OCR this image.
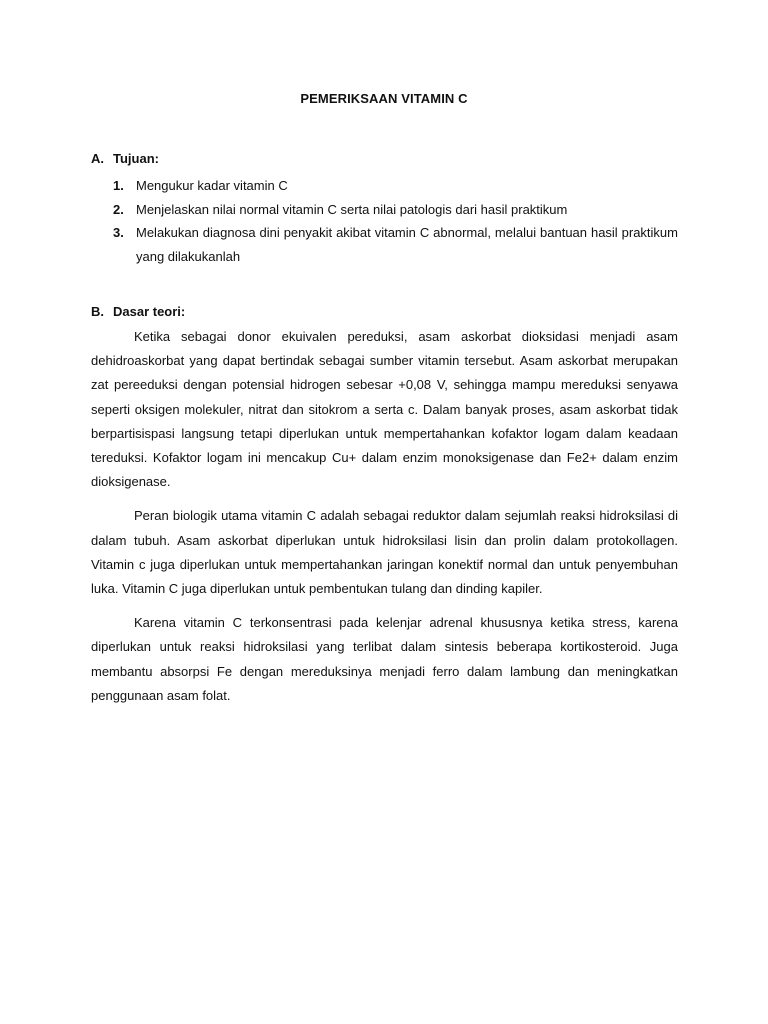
PEMERIKSAAN VITAMIN C
A. Tujuan:
1. Mengukur kadar vitamin C
2. Menjelaskan nilai normal vitamin C serta nilai patologis dari hasil praktikum
3. Melakukan diagnosa dini penyakit akibat vitamin C abnormal, melalui bantuan hasil praktikum yang dilakukanlah
B. Dasar teori:

Ketika sebagai donor ekuivalen pereduksi, asam askorbat dioksidasi menjadi asam dehidroaskorbat yang dapat bertindak sebagai sumber vitamin tersebut. Asam askorbat merupakan zat pereeduksi dengan potensial hidrogen sebesar +0,08 V, sehingga mampu mereduksi senyawa seperti oksigen molekuler, nitrat dan sitokrom a serta c. Dalam banyak proses, asam askorbat tidak berpartisispasi langsung tetapi diperlukan untuk mempertahankan kofaktor logam dalam keadaan tereduksi. Kofaktor logam ini mencakup Cu+ dalam enzim monoksigenase dan Fe2+ dalam enzim dioksigenase.

Peran biologik utama vitamin C adalah sebagai reduktor dalam sejumlah reaksi hidroksilasi di dalam tubuh. Asam askorbat diperlukan untuk hidroksilasi lisin dan prolin dalam protokollagen. Vitamin c juga diperlukan untuk mempertahankan jaringan konektif normal dan untuk penyembuhan luka. Vitamin C juga diperlukan untuk pembentukan tulang dan dinding kapiler.

Karena vitamin C terkonsentrasi pada kelenjar adrenal khususnya ketika stress, karena diperlukan untuk reaksi hidroksilasi yang terlibat dalam sintesis beberapa kortikosteroid. Juga membantu absorpsi Fe dengan mereduksinya menjadi ferro dalam lambung dan meningkatkan penggunaan asam folat.
